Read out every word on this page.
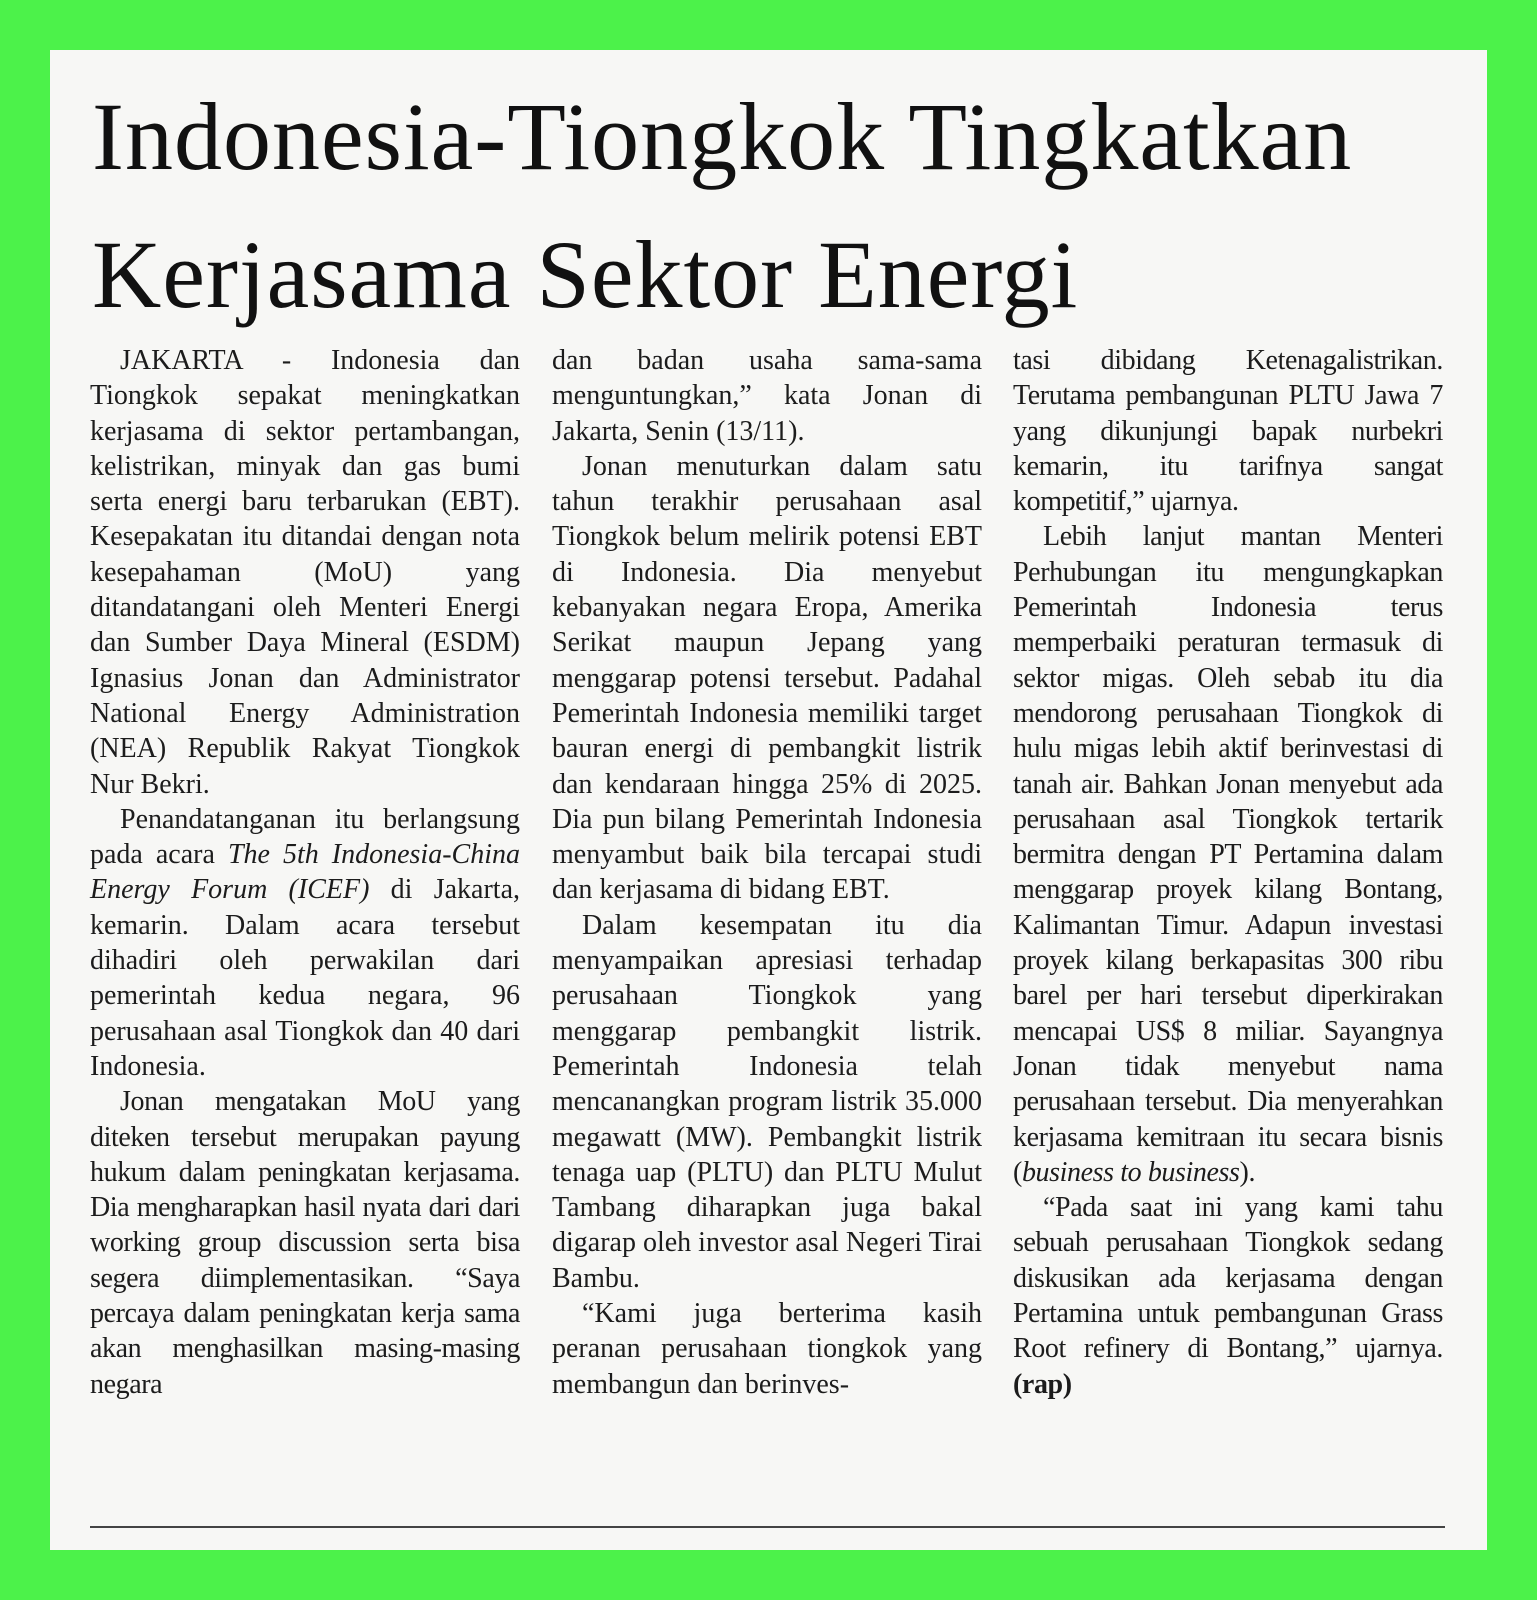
Indonesia-Tiongkok Tingkatkan
Kerjasama Sektor Energi

JAKARTA - Indonesia dan Tiongkok sepakat meningkatkan kerjasama di sektor pertambangan, kelistrikan, minyak dan gas bumi serta energi baru terbarukan (EBT). Kesepakatan itu ditandai dengan nota kesepahaman (MoU) yang ditandatangani oleh Menteri Energi dan Sumber Daya Mineral (ESDM) Ignasius Jonan dan Administrator National Energy Administration (NEA) Republik Rakyat Tiongkok Nur Bekri.

Penandatanganan itu berlangsung pada acara The 5th Indonesia-China Energy Forum (ICEF) di Jakarta, kemarin. Dalam acara tersebut dihadiri oleh perwakilan dari pemerintah kedua negara, 96 perusahaan asal Tiongkok dan 40 dari Indonesia.

Jonan mengatakan MoU yang diteken tersebut merupakan payung hukum dalam peningkatan kerjasama. Dia mengharapkan hasil nyata dari dari working group discussion serta bisa segera diimplementasikan. “Saya percaya dalam peningkatan kerja sama akan menghasilkan masing-masing negara

dan badan usaha sama-sama menguntungkan,” kata Jonan di Jakarta, Senin (13/11).

Jonan menuturkan dalam satu tahun terakhir perusahaan asal Tiongkok belum melirik potensi EBT di Indonesia. Dia menyebut kebanyakan negara Eropa, Amerika Serikat maupun Jepang yang menggarap potensi tersebut. Padahal Pemerintah Indonesia memiliki target bauran energi di pembangkit listrik dan kendaraan hingga 25% di 2025. Dia pun bilang Pemerintah Indonesia menyambut baik bila tercapai studi dan kerjasama di bidang EBT.

Dalam kesempatan itu dia menyampaikan apresiasi terhadap perusahaan Tiongkok yang menggarap pembangkit listrik. Pemerintah Indonesia telah mencanangkan program listrik 35.000 megawatt (MW). Pembangkit listrik tenaga uap (PLTU) dan PLTU Mulut Tambang diharapkan juga bakal digarap oleh investor asal Negeri Tirai Bambu.

“Kami juga berterima kasih peranan perusahaan tiongkok yang membangun dan berinves-

tasi dibidang Ketenagalistrikan. Terutama pembangunan PLTU Jawa 7 yang dikunjungi bapak nurbekri kemarin, itu tarifnya sangat kompetitif,” ujarnya.

Lebih lanjut mantan Menteri Perhubungan itu mengungkapkan Pemerintah Indonesia terus memperbaiki peraturan termasuk di sektor migas. Oleh sebab itu dia mendorong perusahaan Tiongkok di hulu migas lebih aktif berinvestasi di tanah air. Bahkan Jonan menyebut ada perusahaan asal Tiongkok tertarik bermitra dengan PT Pertamina dalam menggarap proyek kilang Bontang, Kalimantan Timur. Adapun investasi proyek kilang berkapasitas 300 ribu barel per hari tersebut diperkirakan mencapai US$ 8 miliar. Sayangnya Jonan tidak menyebut nama perusahaan tersebut. Dia menyerahkan kerjasama kemitraan itu secara bisnis (business to business).

“Pada saat ini yang kami tahu sebuah perusahaan Tiongkok sedang diskusikan ada kerjasama dengan Pertamina untuk pembangunan Grass Root refinery di Bontang,” ujarnya. (rap)
